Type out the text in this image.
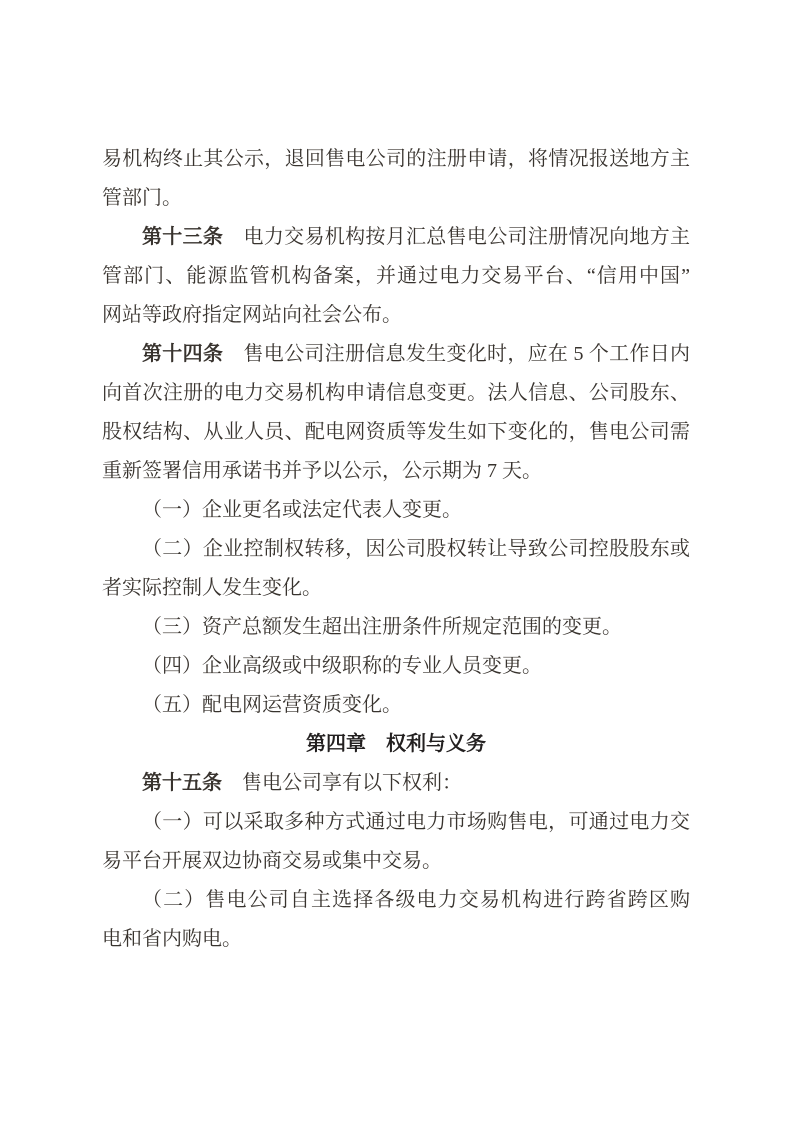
易机构终止其公示，退回售电公司的注册申请，将情况报送地方主
管部门。
第十三条　电力交易机构按月汇总售电公司注册情况向地方主
管部门、能源监管机构备案，并通过电力交易平台、“信用中国”
网站等政府指定网站向社会公布。
第十四条　售电公司注册信息发生变化时，应在 5 个工作日内
向首次注册的电力交易机构申请信息变更。法人信息、公司股东、
股权结构、从业人员、配电网资质等发生如下变化的，售电公司需
重新签署信用承诺书并予以公示，公示期为 7 天。
（一）企业更名或法定代表人变更。
（二）企业控制权转移，因公司股权转让导致公司控股股东或
者实际控制人发生变化。
（三）资产总额发生超出注册条件所规定范围的变更。
（四）企业高级或中级职称的专业人员变更。
（五）配电网运营资质变化。
第四章　权利与义务
第十五条　售电公司享有以下权利：
（一）可以采取多种方式通过电力市场购售电，可通过电力交
易平台开展双边协商交易或集中交易。
（二）售电公司自主选择各级电力交易机构进行跨省跨区购
电和省内购电。
